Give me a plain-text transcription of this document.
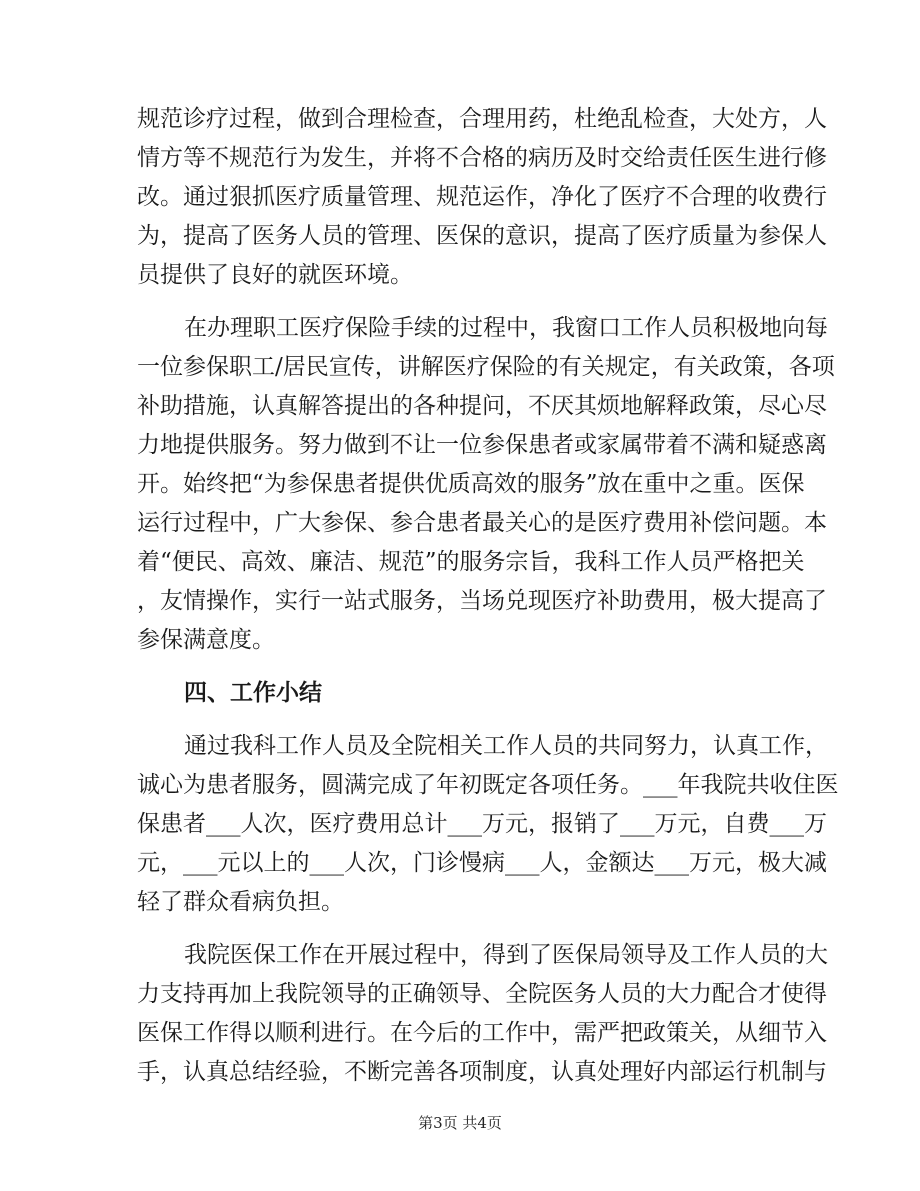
规范诊疗过程，做到合理检查，合理用药，杜绝乱检查，大处方，人
情方等不规范行为发生，并将不合格的病历及时交给责任医生进行修
改。通过狠抓医疗质量管理、规范运作，净化了医疗不合理的收费行
为，提高了医务人员的管理、医保的意识，提高了医疗质量为参保人
员提供了良好的就医环境。
在办理职工医疗保险手续的过程中，我窗口工作人员积极地向每
一位参保职工/居民宣传，讲解医疗保险的有关规定，有关政策，各项
补助措施，认真解答提出的各种提问，不厌其烦地解释政策，尽心尽
力地提供服务。努力做到不让一位参保患者或家属带着不满和疑惑离
开。始终把“为参保患者提供优质高效的服务”放在重中之重。医保
运行过程中，广大参保、参合患者最关心的是医疗费用补偿问题。本
着“便民、高效、廉洁、规范”的服务宗旨，我科工作人员严格把关
，友情操作，实行一站式服务，当场兑现医疗补助费用，极大提高了
参保满意度。
四、工作小结
通过我科工作人员及全院相关工作人员的共同努力，认真工作，
诚心为患者服务，圆满完成了年初既定各项任务。___年我院共收住医
保患者___人次，医疗费用总计___万元，报销了___万元，自费___万
元，___元以上的___人次，门诊慢病___人，金额达___万元，极大减
轻了群众看病负担。
我院医保工作在开展过程中，得到了医保局领导及工作人员的大
力支持再加上我院领导的正确领导、全院医务人员的大力配合才使得
医保工作得以顺利进行。在今后的工作中，需严把政策关，从细节入
手，认真总结经验，不断完善各项制度，认真处理好内部运行机制与
第3页 共4页
